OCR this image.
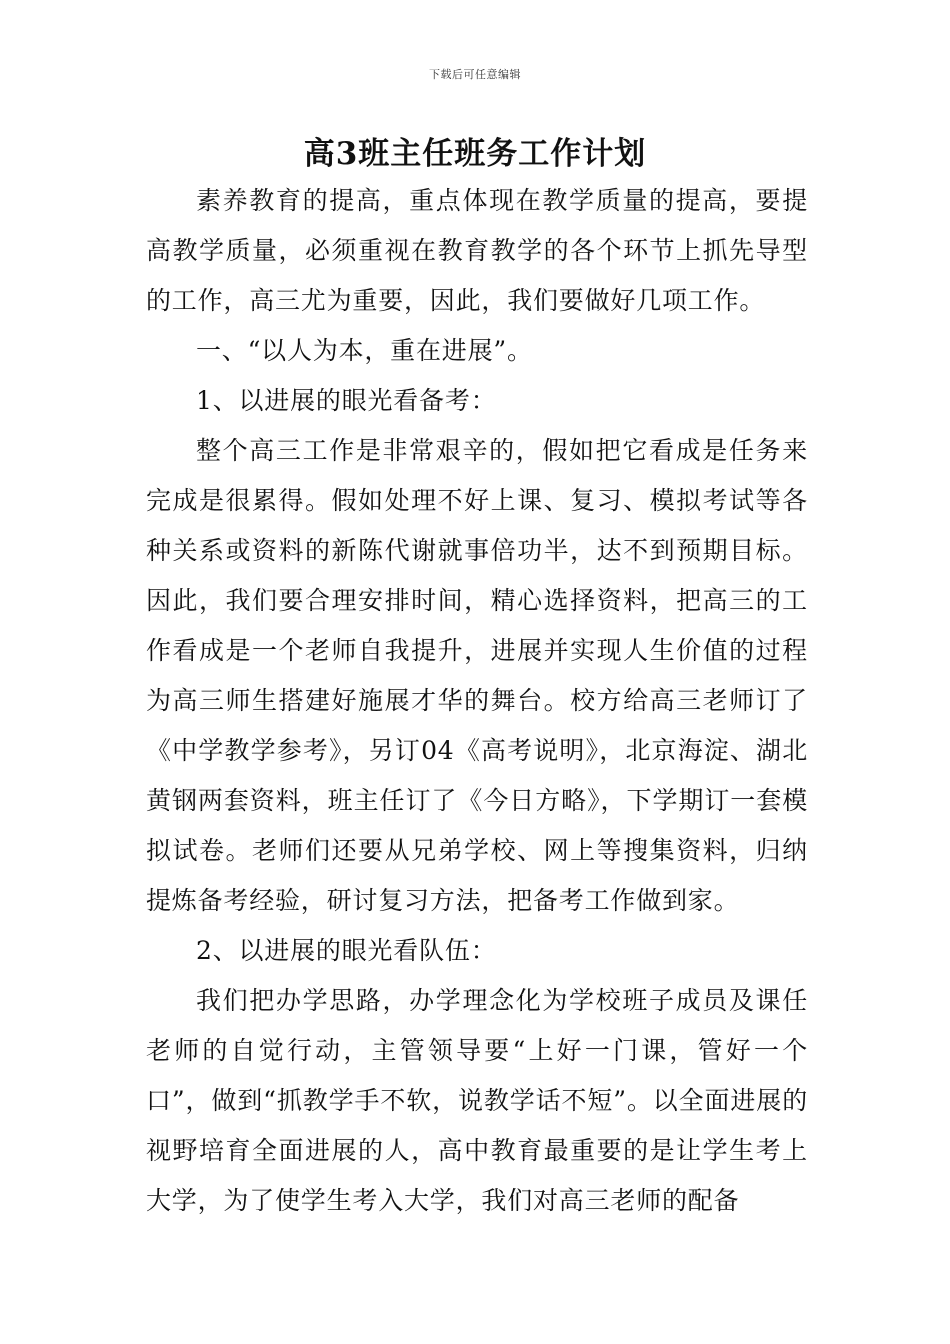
下载后可任意编辑
高3班主任班务工作计划

素养教育的提高，重点体现在教学质量的提高，要提高教学质量，必须重视在教育教学的各个环节上抓先导型的工作，高三尤为重要，因此，我们要做好几项工作。

一、“以人为本，重在进展”。

1、以进展的眼光看备考：

整个高三工作是非常艰辛的，假如把它看成是任务来完成是很累得。假如处理不好上课、复习、模拟考试等各种关系或资料的新陈代谢就事倍功半，达不到预期目标。因此，我们要合理安排时间，精心选择资料，把高三的工作看成是一个老师自我提升，进展并实现人生价值的过程为高三师生搭建好施展才华的舞台。校方给高三老师订了《中学教学参考》，另订04《高考说明》，北京海淀、湖北黄钢两套资料，班主任订了《今日方略》，下学期订一套模拟试卷。老师们还要从兄弟学校、网上等搜集资料，归纳提炼备考经验，研讨复习方法，把备考工作做到家。

2、以进展的眼光看队伍：

我们把办学思路，办学理念化为学校班子成员及课任老师的自觉行动，主管领导要“上好一门课，管好一个口”，做到“抓教学手不软，说教学话不短”。以全面进展的视野培育全面进展的人，高中教育最重要的是让学生考上大学，为了使学生考入大学，我们对高三老师的配备
